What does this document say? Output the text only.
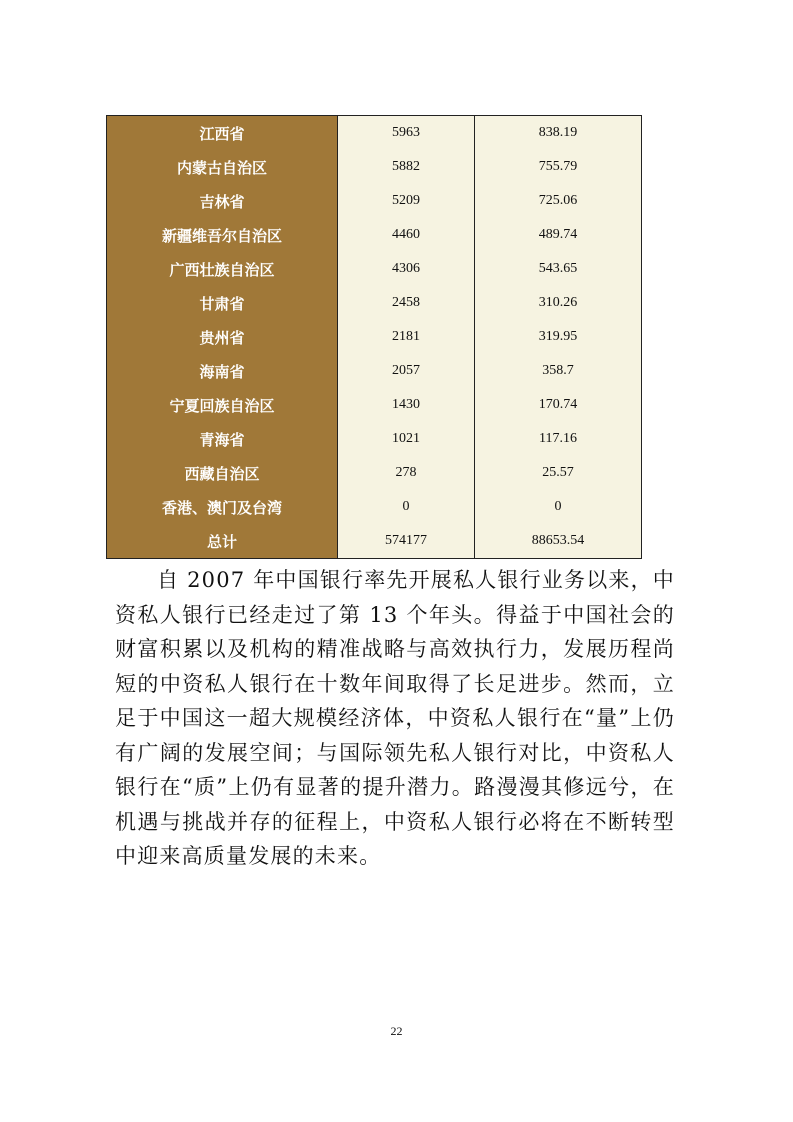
江西省	5963	838.19
内蒙古自治区	5882	755.79
吉林省	5209	725.06
新疆维吾尔自治区	4460	489.74
广西壮族自治区	4306	543.65
甘肃省	2458	310.26
贵州省	2181	319.95
海南省	2057	358.7
宁夏回族自治区	1430	170.74
青海省	1021	117.16
西藏自治区	278	25.57
香港、澳门及台湾	0	0
总计	574177	88653.54

自 2007 年中国银行率先开展私人银行业务以来，中资私人银行已经走过了第 13 个年头。得益于中国社会的财富积累以及机构的精准战略与高效执行力，发展历程尚短的中资私人银行在十数年间取得了长足进步。然而，立足于中国这一超大规模经济体，中资私人银行在“量”上仍有广阔的发展空间；与国际领先私人银行对比，中资私人银行在“质”上仍有显著的提升潜力。路漫漫其修远兮，在机遇与挑战并存的征程上，中资私人银行必将在不断转型中迎来高质量发展的未来。

22
